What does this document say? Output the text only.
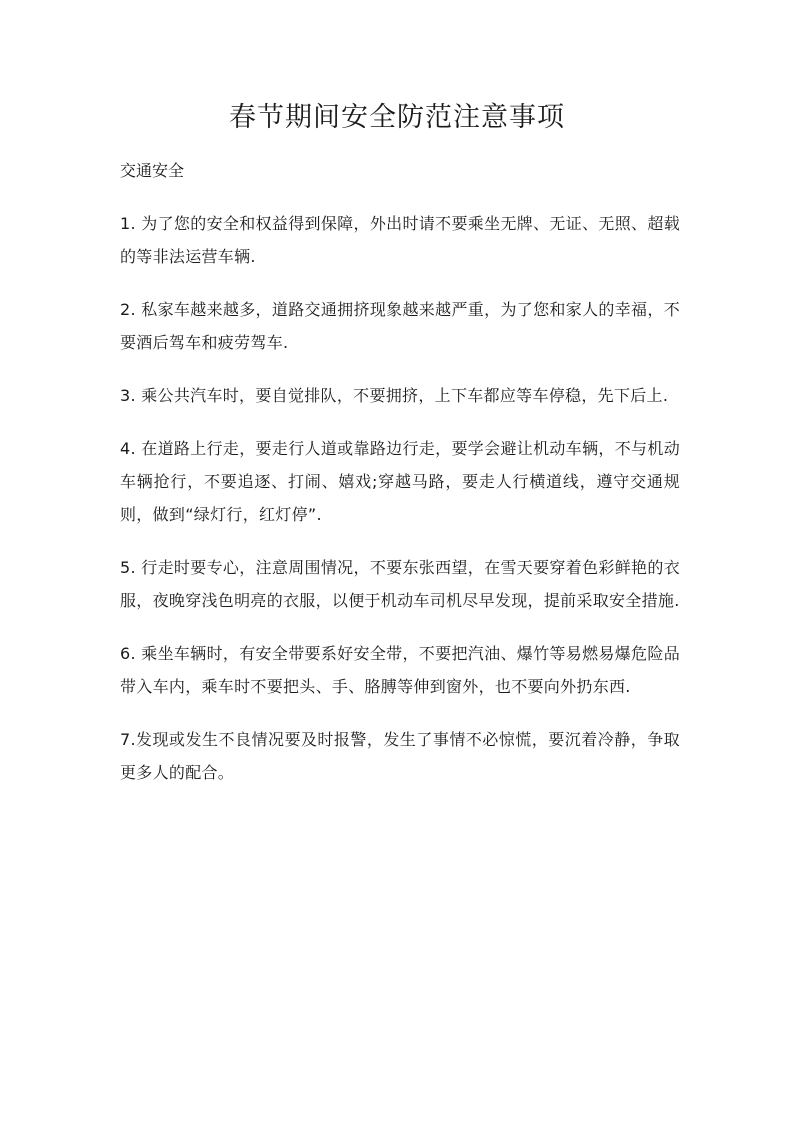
春节期间安全防范注意事项
交通安全
1. 为了您的安全和权益得到保障，外出时请不要乘坐无牌、无证、无照、超载的等非法运营车辆.
2. 私家车越来越多，道路交通拥挤现象越来越严重，为了您和家人的幸福，不要酒后驾车和疲劳驾车.
3. 乘公共汽车时，要自觉排队，不要拥挤，上下车都应等车停稳，先下后上.
4. 在道路上行走，要走行人道或靠路边行走，要学会避让机动车辆，不与机动车辆抢行，不要追逐、打闹、嬉戏;穿越马路，要走人行横道线，遵守交通规则，做到“绿灯行，红灯停”.
5. 行走时要专心，注意周围情况，不要东张西望，在雪天要穿着色彩鲜艳的衣服，夜晚穿浅色明亮的衣服，以便于机动车司机尽早发现，提前采取安全措施.
6. 乘坐车辆时，有安全带要系好安全带，不要把汽油、爆竹等易燃易爆危险品带入车内，乘车时不要把头、手、胳膊等伸到窗外，也不要向外扔东西.
7.发现或发生不良情况要及时报警，发生了事情不必惊慌，要沉着冷静，争取更多人的配合。
